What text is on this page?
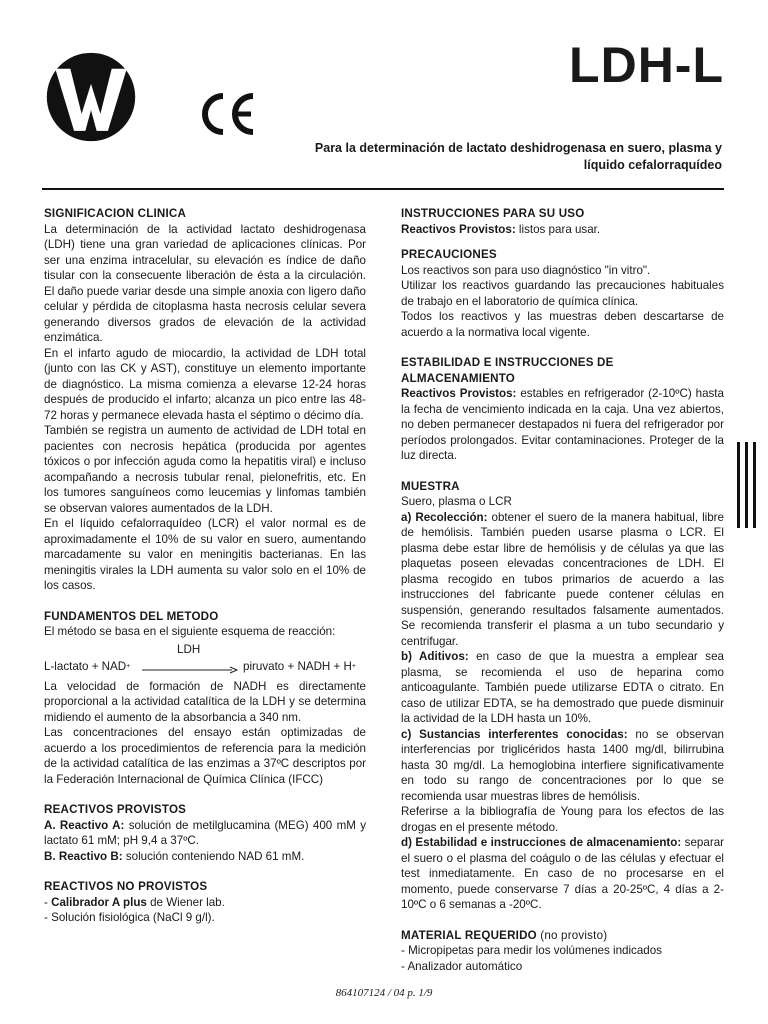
LDH-L
Para la determinación de lactato deshidrogenasa en suero, plasma y líquido cefalorraquídeo
SIGNIFICACION CLINICA

La determinación de la actividad lactato deshidrogenasa (LDH) tiene una gran variedad de aplicaciones clínicas. Por ser una enzima intracelular, su elevación es índice de daño tisular con la consecuente liberación de ésta a la circulación. El daño puede variar desde una simple anoxia con ligero daño celular y pérdida de citoplasma hasta necrosis celular severa generando diversos grados de elevación de la actividad enzimática.

En el infarto agudo de miocardio, la actividad de LDH total (junto con las CK y AST), constituye un elemento importante de diagnóstico. La misma comienza a elevarse 12-24 horas después de producido el infarto; alcanza un pico entre las 48-72 horas y permanece elevada hasta el séptimo o décimo día.

También se registra un aumento de actividad de LDH total en pacientes con necrosis hepática (producida por agentes tóxicos o por infección aguda como la hepatitis viral) e incluso acompañando a necrosis tubular renal, pielonefritis, etc. En los tumores sanguíneos como leucemias y linfomas también se observan valores aumentados de la LDH.

En el líquido cefalorraquídeo (LCR) el valor normal es de aproximadamente el 10% de su valor en suero, aumentando marcadamente su valor en meningitis bacterianas. En las meningitis virales la LDH aumenta su valor solo en el 10% de los casos.

FUNDAMENTOS DEL METODO

El método se basa en el siguiente esquema de reacción:

L-lactato + NAD+
LDH
piruvato + NADH + H+

La velocidad de formación de NADH es directamente proporcional a la actividad catalítica de la LDH y se determina midiendo el aumento de la absorbancia a 340 nm.

Las concentraciones del ensayo están optimizadas de acuerdo a los procedimientos de referencia para la medición de la actividad catalítica de las enzimas a 37ºC descriptos por la Federación Internacional de Química Clínica (IFCC)

REACTIVOS PROVISTOS

A. Reactivo A: solución de metilglucamina (MEG) 400 mM y lactato 61 mM; pH 9,4 a 37ºC.

B. Reactivo B: solución conteniendo NAD 61 mM.

REACTIVOS NO PROVISTOS

- Calibrador A plus de Wiener lab.

- Solución fisiológica (NaCl 9 g/l).

INSTRUCCIONES PARA SU USO

Reactivos Provistos: listos para usar.

PRECAUCIONES

Los reactivos son para uso diagnóstico "in vitro".

Utilizar los reactivos guardando las precauciones habituales de trabajo en el laboratorio de química clínica.

Todos los reactivos y las muestras deben descartarse de acuerdo a la normativa local vigente.

ESTABILIDAD E INSTRUCCIONES DE
ALMACENAMIENTO

Reactivos Provistos: estables en refrigerador (2-10ºC) hasta la fecha de vencimiento indicada en la caja. Una vez abiertos, no deben permanecer destapados ni fuera del refrigerador por períodos prolongados. Evitar contaminaciones. Proteger de la luz directa.

MUESTRA

Suero, plasma o LCR

a) Recolección: obtener el suero de la manera habitual, libre de hemólisis. También pueden usarse plasma o LCR. El plasma debe estar libre de hemólisis y de células ya que las plaquetas poseen elevadas concentraciones de LDH. El plasma recogido en tubos primarios de acuerdo a las instrucciones del fabricante puede contener células en suspensión, generando resultados falsamente aumentados. Se recomienda transferir el plasma a un tubo secundario y centrifugar.

b) Aditivos: en caso de que la muestra a emplear sea plasma, se recomienda el uso de heparina como anticoagulante. También puede utilizarse EDTA o citrato. En caso de utilizar EDTA, se ha demostrado que puede disminuir la actividad de la LDH hasta un 10%.

c) Sustancias interferentes conocidas: no se observan interferencias por triglicéridos hasta 1400 mg/dl, bilirrubina hasta 30 mg/dl. La hemoglobina interfiere significativamente en todo su rango de concentraciones por lo que se recomienda usar muestras libres de hemólisis.

Referirse a la bibliografía de Young para los efectos de las drogas en el presente método.

d) Estabilidad e instrucciones de almacenamiento: separar el suero o el plasma del coágulo o de las células y efectuar el test inmediatamente. En caso de no procesarse en el momento, puede conservarse 7 días a 20-25ºC, 4 días a 2-10ºC o 6 semanas a -20ºC.

MATERIAL REQUERIDO (no provisto)

- Micropipetas para medir los volúmenes indicados

- Analizador automático

864107124 / 04 p. 1/9
